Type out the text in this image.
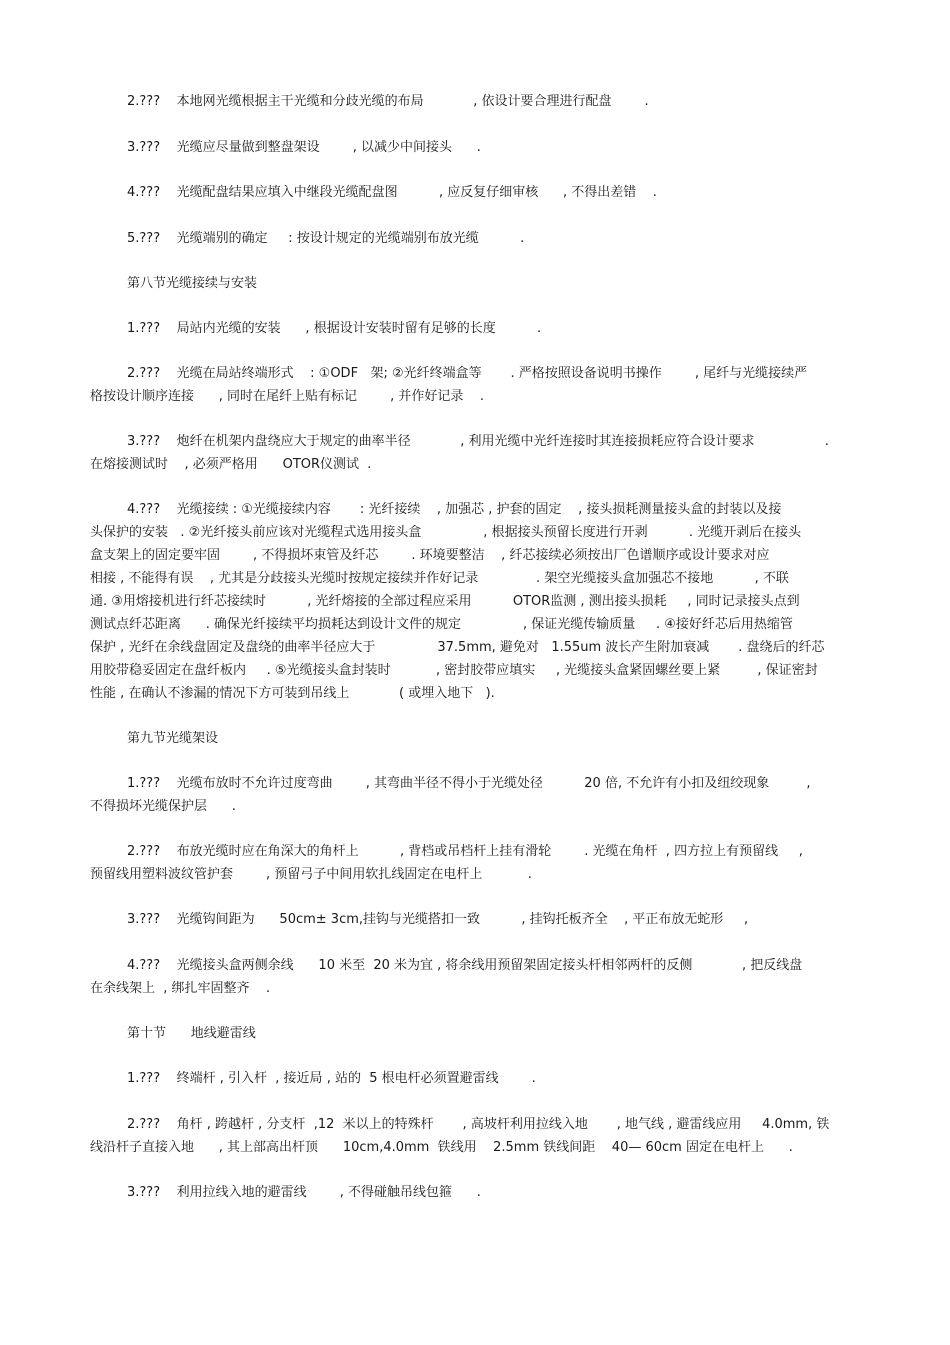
2.???    本地网光缆根据主干光缆和分歧光缆的布局            , 依设计要合理进行配盘        .
3.???    光缆应尽量做到整盘架设        , 以减少中间接头      .
4.???    光缆配盘结果应填入中继段光缆配盘图          , 应反复仔细审核      , 不得出差错    .
5.???    光缆端别的确定     : 按设计规定的光缆端别布放光缆          .
第八节光缆接续与安装
1.???    局站内光缆的安装      , 根据设计安装时留有足够的长度          .
2.???    光缆在局站终端形式    : ①ODF   架; ②光纤终端盒等       . 严格按照设备说明书操作        , 尾纤与光缆接续严
格按设计顺序连接      , 同时在尾纤上贴有标记        , 并作好记录    .
3.???    炮纤在机架内盘绕应大于规定的曲率半径            , 利用光缆中光纤连接时其连接损耗应符合设计要求                 .
在熔接测试时    , 必须严格用      OTOR仪测试  .
4.???    光缆接续 : ①光缆接续内容       : 光纤接续    , 加强芯 , 护套的固定    , 接头损耗测量接头盒的封装以及接
头保护的安装   . ②光纤接头前应该对光缆程式选用接头盒               , 根据接头预留长度进行开剥          . 光缆开剥后在接头
盒支架上的固定要牢固        , 不得损坏束管及纤芯        . 环境要整洁    , 纤芯接续必须按出厂色谱顺序或设计要求对应
相接 , 不能得有误    , 尤其是分歧接头光缆时按规定接续并作好记录              . 架空光缆接头盒加强芯不接地          , 不联
通. ③用熔接机进行纤芯接续时          , 光纤熔接的全部过程应采用          OTOR监测 , 测出接头损耗     , 同时记录接头点到
测试点纤芯距离      . 确保光纤接续平均损耗达到设计文件的规定               , 保证光缆传输质量     . ④接好纤芯后用热缩管
保护 , 光纤在余线盘固定及盘绕的曲率半径应大于               37.5mm, 避免对   1.55um 波长产生附加衰减       . 盘绕后的纤芯
用胶带稳妥固定在盘纤板内     . ⑤光缆接头盒封装时           , 密封胶带应填实     , 光缆接头盒紧固螺丝要上紧         , 保证密封
性能 , 在确认不渗漏的情况下方可装到吊线上            ( 或埋入地下   ).
第九节光缆架设
1.???    光缆布放时不允许过度弯曲        , 其弯曲半径不得小于光缆处径          20 倍, 不允许有小扣及纽绞现象         ,
不得损坏光缆保护层      .
2.???    布放光缆时应在角深大的角杆上          , 背档或吊档杆上挂有滑轮        . 光缆在角杆  , 四方拉上有预留线     ,
预留线用塑料波纹管护套        , 预留弓子中间用软扎线固定在电杆上           .
3.???    光缆钩间距为      50cm± 3cm,挂钩与光缆搭扣一致          , 挂钩托板齐全    , 平正布放无蛇形     ,
4.???    光缆接头盒两侧余线      10 米至  20 米为宜 , 将余线用预留架固定接头杆相邻两杆的反侧            , 把反线盘
在余线架上  , 绑扎牢固整齐    .
第十节      地线避雷线
1.???    终端杆 , 引入杆  , 接近局 , 站的  5 根电杆必须置避雷线        .
2.???    角杆 , 跨越杆 , 分支杆  ,12  米以上的特殊杆       , 高坡杆利用拉线入地       , 地气线 , 避雷线应用     4.0mm, 铁
线沿杆子直接入地      , 其上部高出杆顶      10cm,4.0mm  铁线用    2.5mm 铁线间距    40— 60cm 固定在电杆上      .
3.???    利用拉线入地的避雷线        , 不得碰触吊线包箍      .
